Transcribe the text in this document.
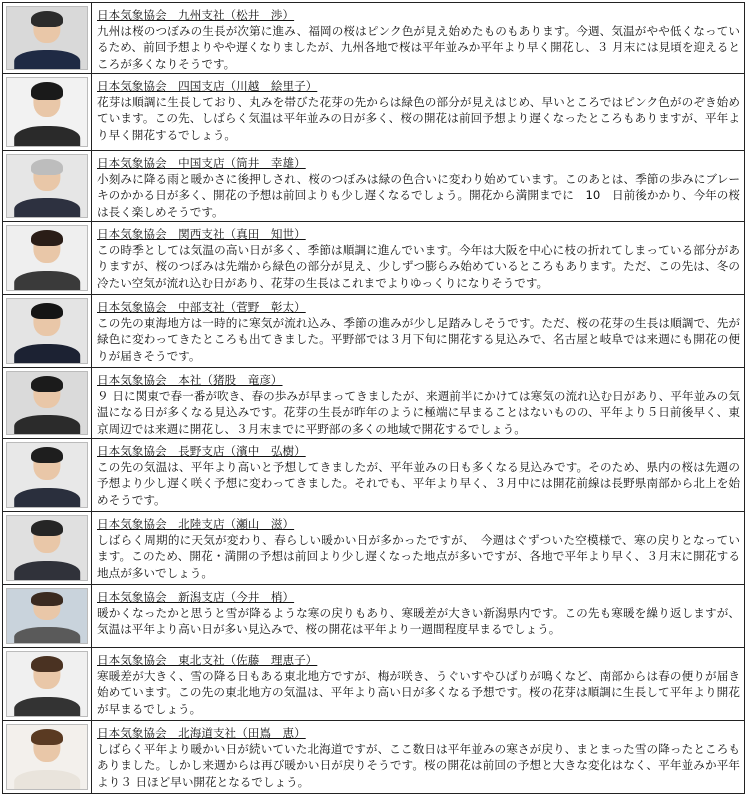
	日本気象協会　九州支社（松井　渉）

九州は桜のつぼみの生長が次第に進み、福岡の桜はピンク色が見え始めたものもあります。今週、気温がやや低くなっているため、前回予想よりやや遅くなりましたが、九州各地で桜は平年並みか平年より早く開花し、３ 月末には見頃を迎えるところが多くなりそうです。

	日本気象協会　四国支店（川越　絵里子）

花芽は順調に生長しており、丸みを帯びた花芽の先からは緑色の部分が見えはじめ、早いところではピンク色がのぞき始めています。この先、しばらく気温は平年並みの日が多く、桜の開花は前回予想より遅くなったところもありますが、平年より早く開花するでしょう。

	日本気象協会　中国支店（筒井　幸雄）

小刻みに降る雨と暖かさに後押しされ、桜のつぼみは緑の色合いに変わり始めています。このあとは、季節の歩みにブレーキのかかる日が多く、開花の予想は前回よりも少し遅くなるでしょう。開花から満開までに　10　日前後かかり、今年の桜は長く楽しめそうです。

	日本気象協会　関西支社（真田　知世）

この時季としては気温の高い日が多く、季節は順調に進んでいます。今年は大阪を中心に枝の折れてしまっている部分がありますが、桜のつぼみは先端から緑色の部分が見え、少しずつ膨らみ始めているところもあります。ただ、この先は、冬の冷たい空気が流れ込む日があり、花芽の生長はこれまでよりゆっくりになりそうです。

	日本気象協会　中部支社（菅野　彰太）

この先の東海地方は一時的に寒気が流れ込み、季節の進みが少し足踏みしそうです。ただ、桜の花芽の生長は順調で、先が緑色に変わってきたところも出てきました。平野部では３月下旬に開花する見込みで、名古屋と岐阜では来週にも開花の便りが届きそうです。

	日本気象協会　本社（猪股　竜彦）

９ 日に関東で春一番が吹き、春の歩みが早まってきましたが、来週前半にかけては寒気の流れ込む日があり、平年並みの気温になる日が多くなる見込みです。花芽の生長が昨年のように極端に早まることはないものの、平年より５日前後早く、東京周辺では来週に開花し、３月末までに平野部の多くの地域で開花するでしょう。

	日本気象協会　長野支店（濱中　弘樹）

この先の気温は、平年より高いと予想してきましたが、平年並みの日も多くなる見込みです。そのため、県内の桜は先週の予想より少し遅く咲く予想に変わってきました。それでも、平年より早く、３月中には開花前線は長野県南部から北上を始めそうです。

	日本気象協会　北陸支店（瀬山　滋）

しばらく周期的に天気が変わり、春らしい暖かい日が多かったですが、　今週はぐずついた空模様で、寒の戻りとなっています。このため、開花・満開の予想は前回より少し遅くなった地点が多いですが、各地で平年より早く、３月末に開花する地点が多いでしょう。

	日本気象協会　新潟支店（今井　梢）

暖かくなったかと思うと雪が降るような寒の戻りもあり、寒暖差が大きい新潟県内です。この先も寒暖を繰り返しますが、気温は平年より高い日が多い見込みで、桜の開花は平年より一週間程度早まるでしょう。

	日本気象協会　東北支社（佐藤　理恵子）

寒暖差が大きく、雪の降る日もある東北地方ですが、梅が咲き、うぐいすやひばりが鳴くなど、南部からは春の便りが届き始めています。この先の東北地方の気温は、平年より高い日が多くなる予想です。桜の花芽は順調に生長して平年より開花が早まるでしょう。

	日本気象協会　北海道支社（田嶌　恵）

しばらく平年より暖かい日が続いていた北海道ですが、ここ数日は平年並みの寒さが戻り、まとまった雪の降ったところもありました。しかし来週からは再び暖かい日が戻りそうです。桜の開花は前回の予想と大きな変化はなく、平年並みか平年より３ 日ほど早い開花となるでしょう。
